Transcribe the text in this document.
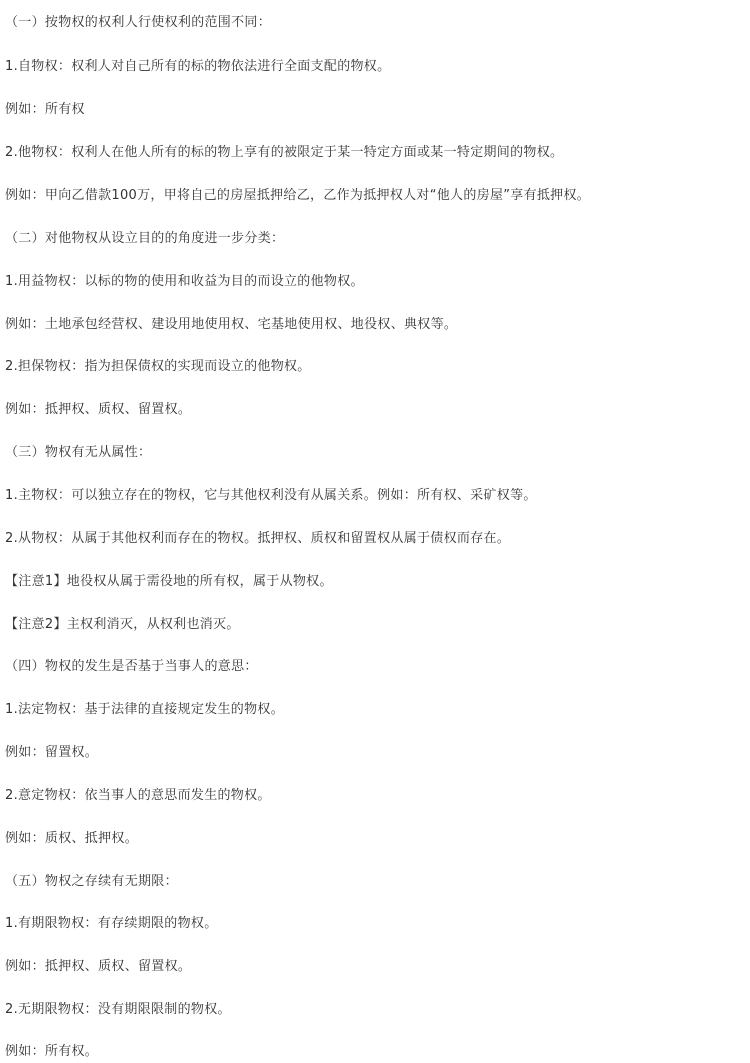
（一）按物权的权利人行使权利的范围不同：
1.自物权：权利人对自己所有的标的物依法进行全面支配的物权。
例如：所有权
2.他物权：权利人在他人所有的标的物上享有的被限定于某一特定方面或某一特定期间的物权。
例如：甲向乙借款100万，甲将自己的房屋抵押给乙，乙作为抵押权人对“他人的房屋”享有抵押权。
（二）对他物权从设立目的的角度进一步分类：
1.用益物权：以标的物的使用和收益为目的而设立的他物权。
例如：土地承包经营权、建设用地使用权、宅基地使用权、地役权、典权等。
2.担保物权：指为担保债权的实现而设立的他物权。
例如：抵押权、质权、留置权。
（三）物权有无从属性：
1.主物权：可以独立存在的物权，它与其他权利没有从属关系。例如：所有权、采矿权等。
2.从物权：从属于其他权利而存在的物权。抵押权、质权和留置权从属于债权而存在。
【注意1】地役权从属于需役地的所有权，属于从物权。
【注意2】主权利消灭，从权利也消灭。
（四）物权的发生是否基于当事人的意思：
1.法定物权：基于法律的直接规定发生的物权。
例如：留置权。
2.意定物权：依当事人的意思而发生的物权。
例如：质权、抵押权。
（五）物权之存续有无期限：
1.有期限物权：有存续期限的物权。
例如：抵押权、质权、留置权。
2.无期限物权：没有期限限制的物权。
例如：所有权。
